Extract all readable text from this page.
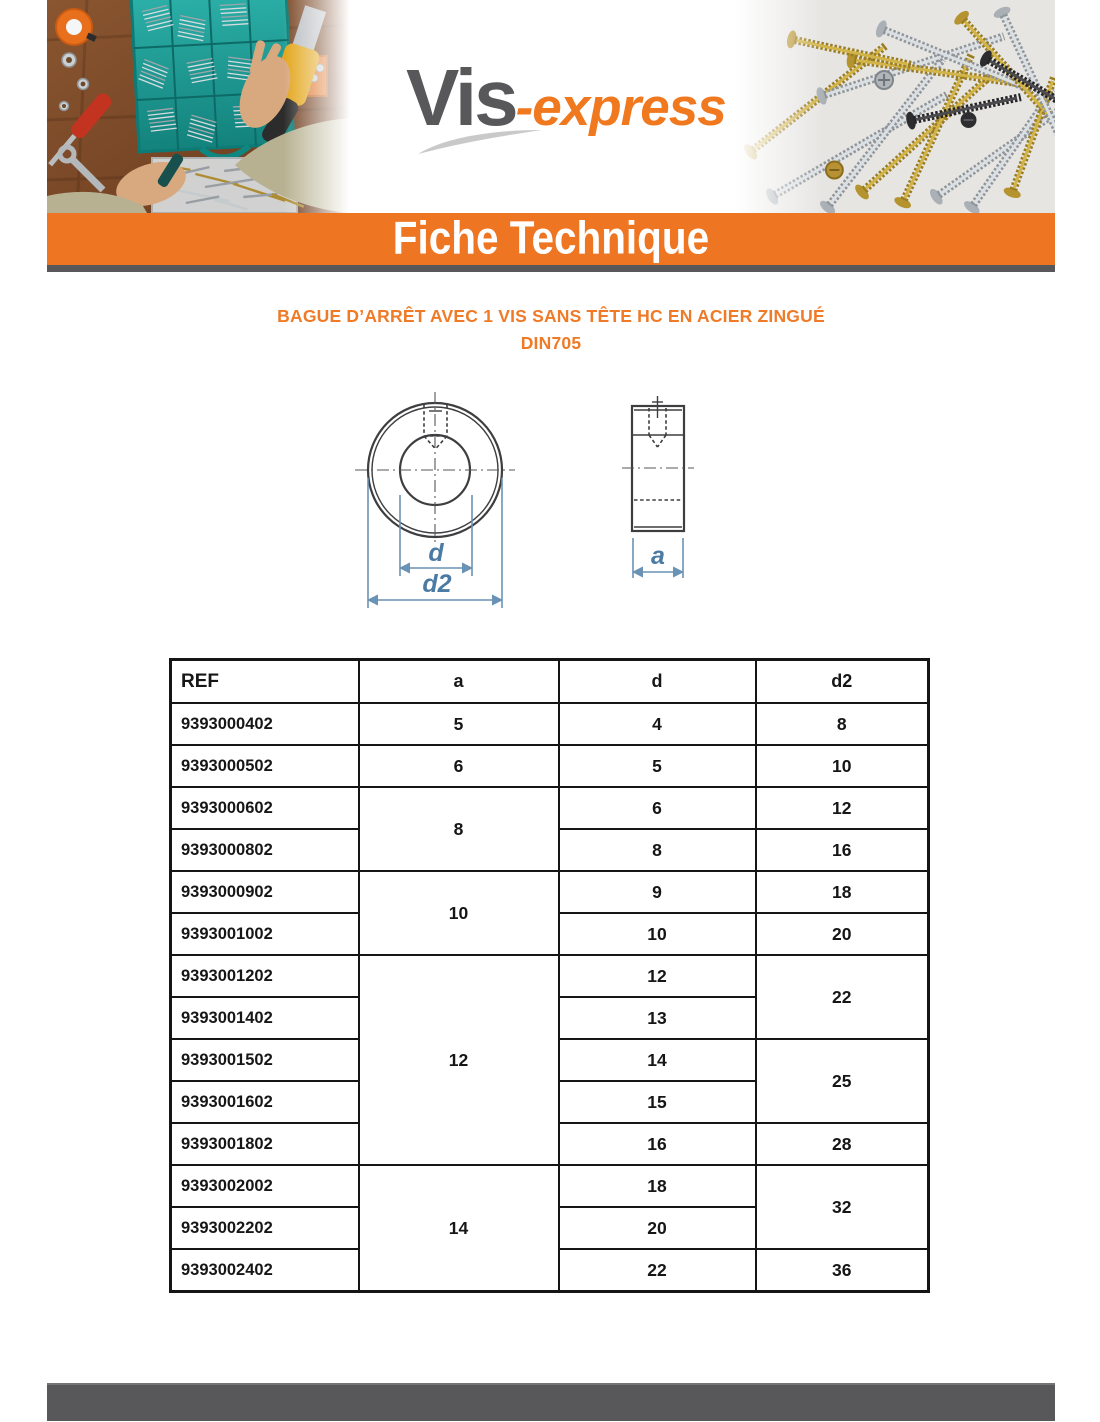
Vis-express
Fiche Technique
BAGUE D’ARRÊT AVEC 1 VIS SANS TÊTE HC EN ACIER ZINGUÉ
DIN705
d
d2
a
REF	a	d	d2
9393000402	5	4	8
9393000502	6	5	10
9393000602	8	6	12
9393000802		8	16
9393000902	10	9	18
9393001002		10	20
9393001202	12	12	22
9393001402		13	
9393001502		14	25
9393001602		15	
9393001802		16	28
9393002002	14	18	32
9393002202		20	
9393002402		22	36
